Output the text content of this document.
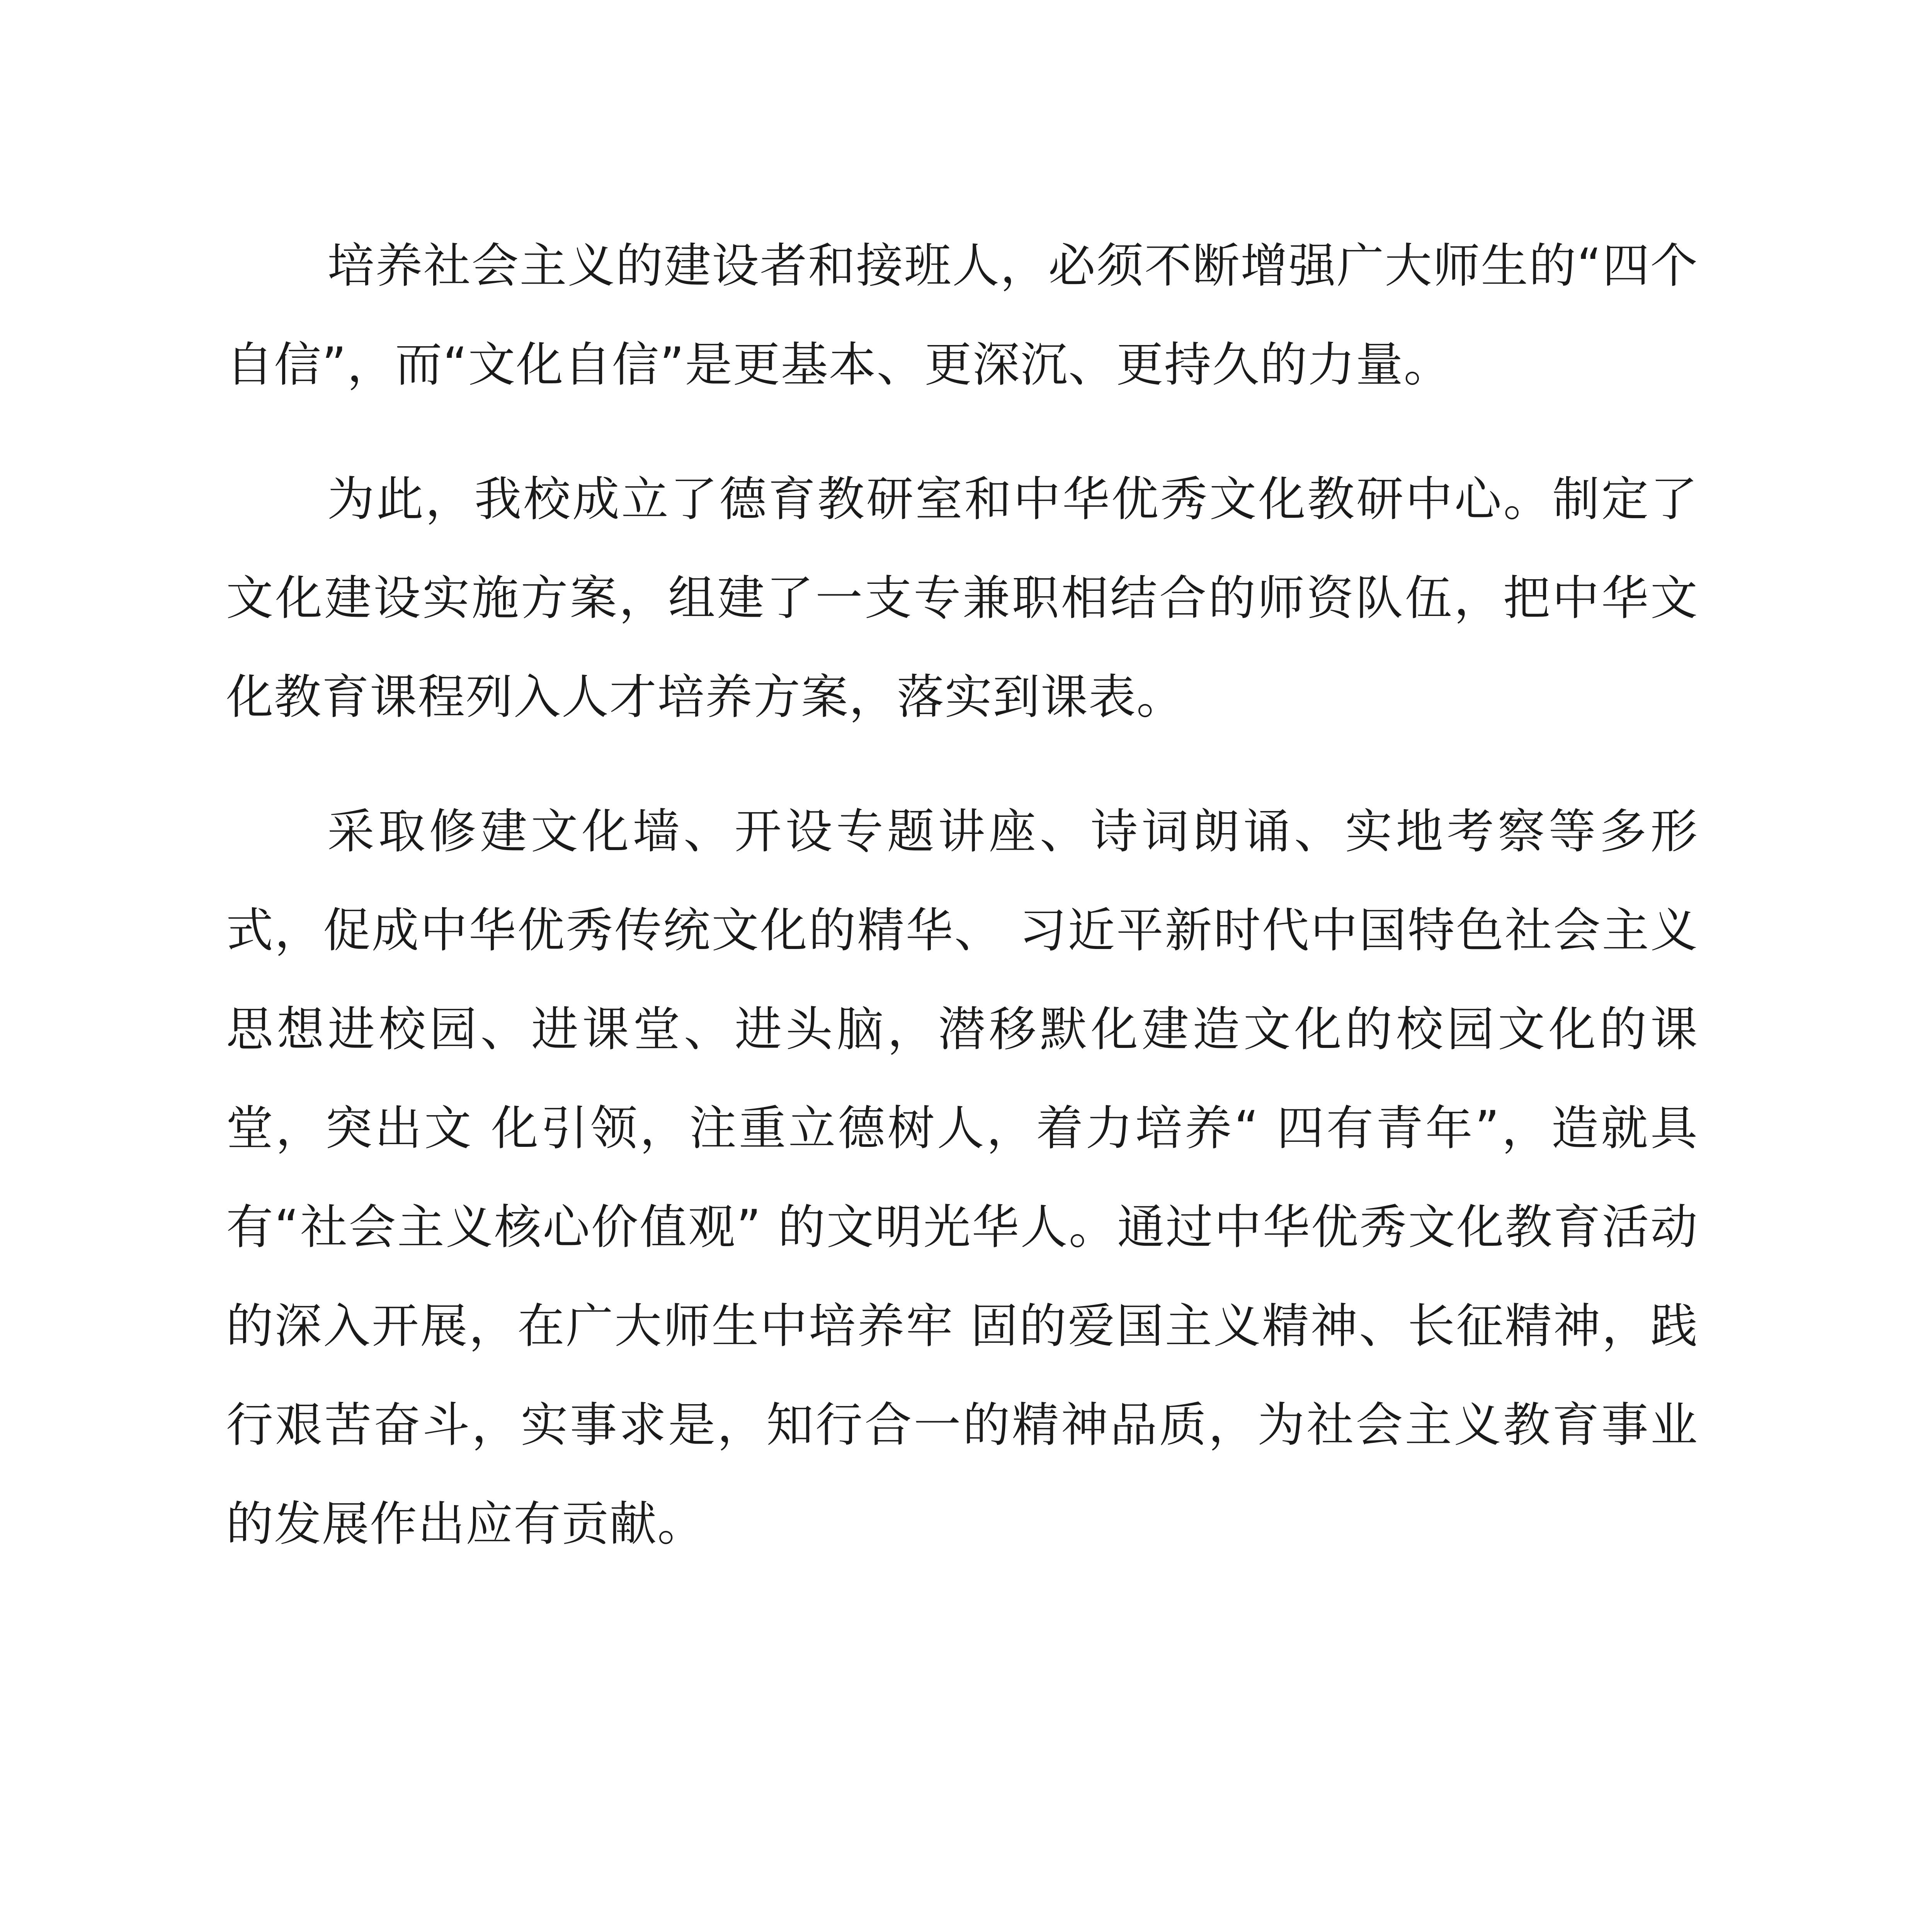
培养社会主义的建设者和接班人，必须不断增强广大师生的“四个自信”，而“文化自信”是更基本、更深沉、更持久的力量。

为此，我校成立了德育教研室和中华优秀文化教研中心。制定了文化建设实施方案，组建了一支专兼职相结合的师资队伍，把中华文化教育课程列入人才培养方案，落实到课表。

采取修建文化墙、开设专题讲座、诗词朗诵、实地考察等多形式，促成中华优秀传统文化的精华、 习近平新时代中国特色社会主义思想进校园、进课堂、进头脑，潜移默化建造文化的校园文化的课堂，突出文 化引领，注重立德树人，着力培养“ 四有青年”，造就具有“社会主义核心价值观” 的文明光华人。通过中华优秀文化教育活动的深入开展，在广大师生中培养牢 固的爱国主义精神、长征精神，践行艰苦奋斗，实事求是，知行合一的精神品质，为社会主义教育事业的发展作出应有贡献。
